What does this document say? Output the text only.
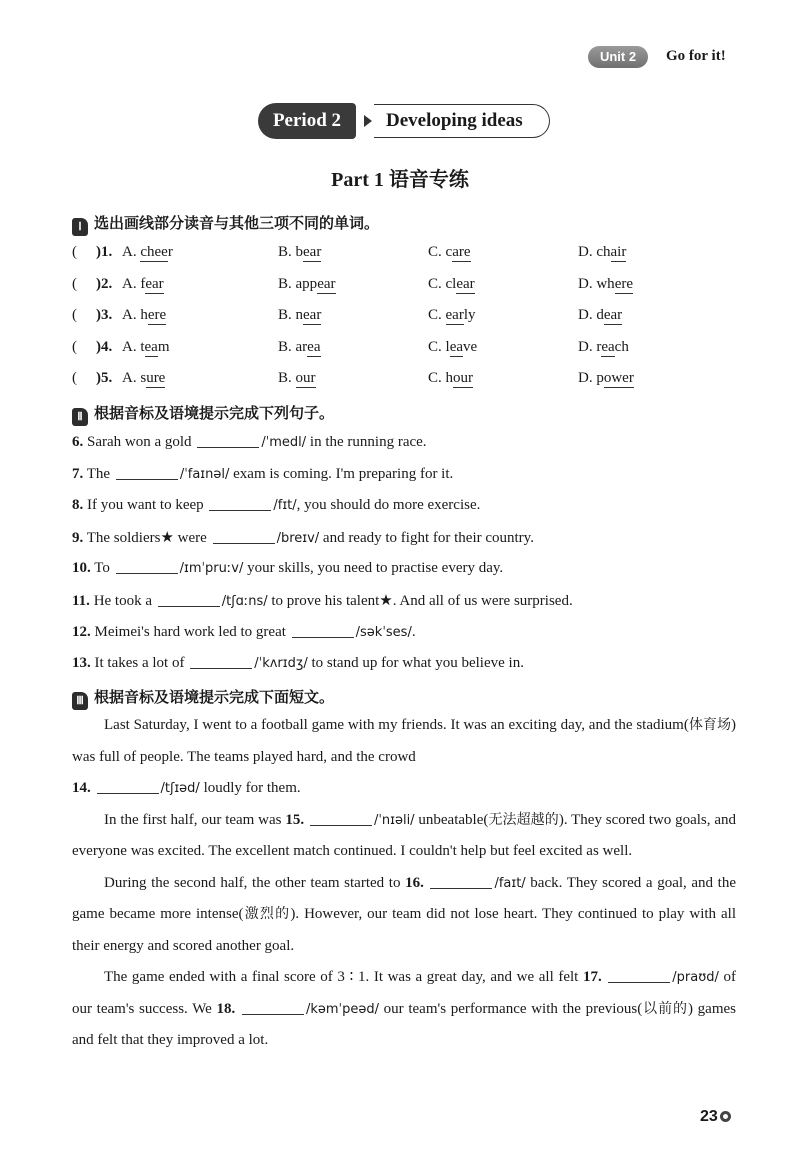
Unit 2	Go for it!
Period 2	Developing ideas
Part 1 语音专练
Ⅰ 选出画线部分读音与其他三项不同的单词。
( )1. A. cheer	B. bear	C. care	D. chair
( )2. A. fear	B. appear	C. clear	D. where
( )3. A. here	B. near	C. early	D. dear
( )4. A. team	B. area	C. leave	D. reach
( )5. A. sure	B. our	C. hour	D. power
Ⅱ 根据音标及语境提示完成下列句子。
6. Sarah won a gold	/ˈmedl/ in the running race.
7. The	/ˈfaɪnəl/ exam is coming. I'm preparing for it.
8. If you want to keep	/fɪt/, you should do more exercise.
9. The soldiers★ were	/breɪv/ and ready to fight for their country.
10. To	/ɪmˈpruːv/ your skills, you need to practise every day.
11. He took a	/tʃɑːns/ to prove his talent★. And all of us were surprised.
12. Meimei's hard work led to great	/səkˈses/.
13. It takes a lot of	/ˈkʌrɪdʒ/ to stand up for what you believe in.
Ⅲ 根据音标及语境提示完成下面短文。

Last Saturday, I went to a football game with my friends. It was an exciting day, and the stadium(体育场) was full of people. The teams played hard, and the crowd
14.	/tʃɪəd/ loudly for them.

In the first half, our team was 15.	/ˈnɪəli/ unbeatable(无法超越的). They scored two goals, and everyone was excited. The excellent match continued. I couldn't help but feel excited as well.

During the second half, the other team started to 16.	/faɪt/ back. They scored a goal, and the game became more intense(激烈的). However, our team did not lose heart. They continued to play with all their energy and scored another goal.

The game ended with a final score of 3 ∶ 1. It was a great day, and we all felt 17.	/praʊd/ of our team's success. We 18.	/kəmˈpeəd/ our team's performance with the previous(以前的) games and felt that they improved a lot.

23
